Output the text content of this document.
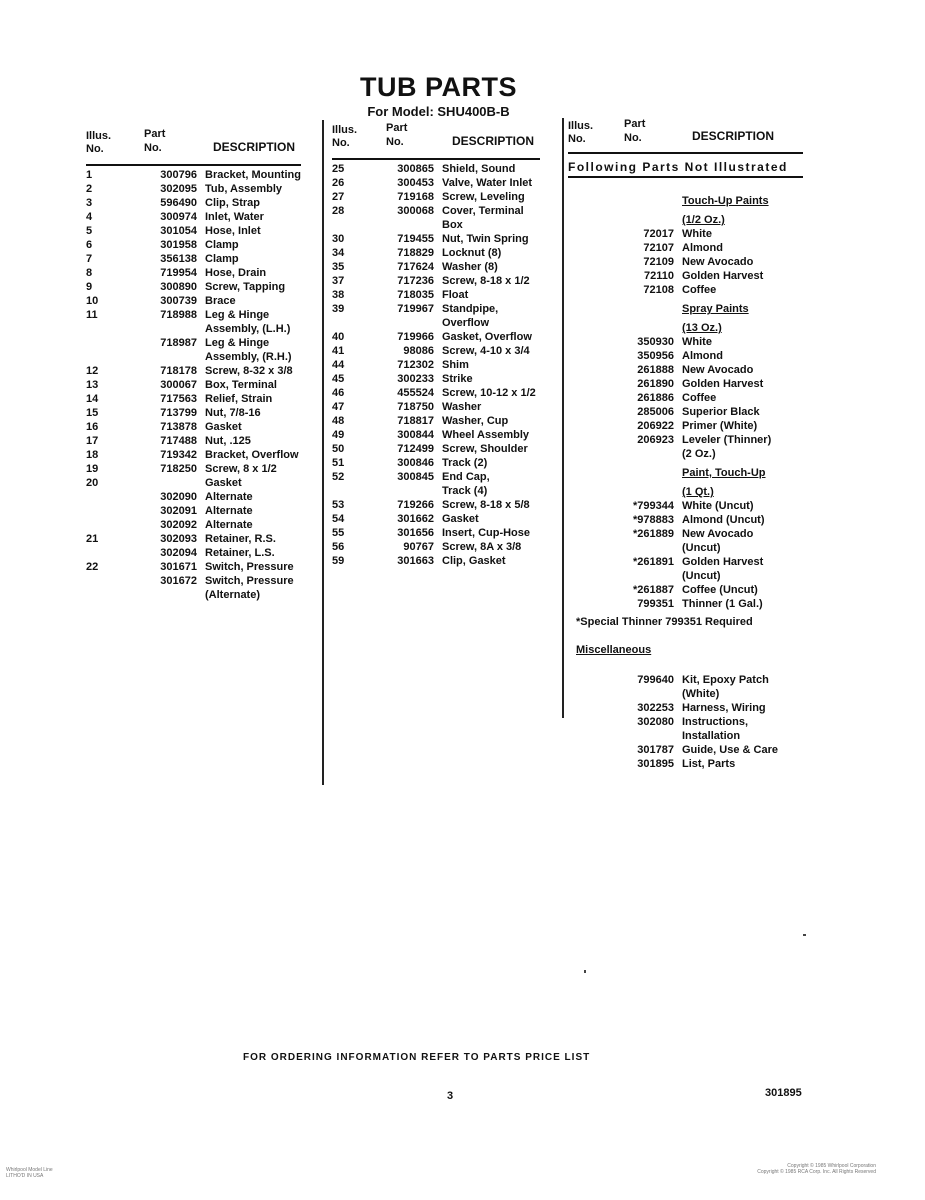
TUB PARTS
For Model: SHU400B-B
Illus.
No.
Part
No.	DESCRIPTION
1	300796 Bracket, Mounting
2	302095 Tub, Assembly
3	596490 Clip, Strap
4	300974 Inlet, Water
5	301054 Hose, Inlet
6	301958 Clamp
7	356138 Clamp
8	719954 Hose, Drain
9	300890 Screw, Tapping
10	300739 Brace
11	718988 Leg & Hinge
Assembly, (L.H.)
718987 Leg & Hinge
Assembly, (R.H.)
12	718178 Screw, 8-32 x 3/8
13	300067 Box, Terminal
14	717563 Relief, Strain
15	713799 Nut, 7/8-16
16	713878 Gasket
17	717488 Nut, .125
18	719342 Bracket, Overflow
19	718250 Screw, 8 x 1/2
20	Gasket
302090 Alternate
302091 Alternate
302092 Alternate
21	302093 Retainer, R.S.
302094 Retainer, L.S.
22	301671 Switch, Pressure
301672 Switch, Pressure
(Alternate)
Illus.
No.
Part
No.	DESCRIPTION
25	300865 Shield, Sound
26	300453 Valve, Water Inlet
27	719168 Screw, Leveling
28	300068 Cover, Terminal
Box
30	719455 Nut, Twin Spring
34	718829 Locknut (8)
35	717624 Washer (8)
37	717236 Screw, 8-18 x 1/2
38	718035 Float
39	719967 Standpipe,
Overflow
40	719966 Gasket, Overflow
41	98086 Screw, 4-10 x 3/4
44	712302 Shim
45	300233 Strike
46	455524 Screw, 10-12 x 1/2
47	718750 Washer
48	718817 Washer, Cup
49	300844 Wheel Assembly
50	712499 Screw, Shoulder
51	300846 Track (2)
52	300845 End Cap,
Track (4)
53	719266 Screw, 8-18 x 5/8
54	301662 Gasket
55	301656 Insert, Cup-Hose
56	90767 Screw, 8A x 3/8
59	301663 Clip, Gasket
Illus.
No.
Part
No.	DESCRIPTION
Following Parts Not Illustrated
Touch-Up Paints
(1/2 Oz.)
72017 White
72107 Almond
72109 New Avocado
72110 Golden Harvest
72108 Coffee
Spray Paints
(13 Oz.)
350930 White
350956 Almond
261888 New Avocado
261890 Golden Harvest
261886 Coffee
285006 Superior Black
206922 Primer (White)
206923 Leveler (Thinner)
(2 Oz.)
Paint, Touch-Up
(1 Qt.)
*799344 White (Uncut)
*978883 Almond (Uncut)
*261889 New Avocado
(Uncut)
*261891 Golden Harvest
(Uncut)
*261887 Coffee (Uncut)
799351 Thinner (1 Gal.)
*Special Thinner 799351 Required
Miscellaneous
799640 Kit, Epoxy Patch
(White)
302253 Harness, Wiring
302080 Instructions,
Installation
301787 Guide, Use & Care
301895 List, Parts
FOR ORDERING INFORMATION REFER TO PARTS PRICE LIST
3	301895
Whirlpool Model Line
LITHO'D IN USA
Copyright © 1985 Whirlpool Corporation
Copyright © 1985 RCA Corp. Inc. All Rights Reserved
